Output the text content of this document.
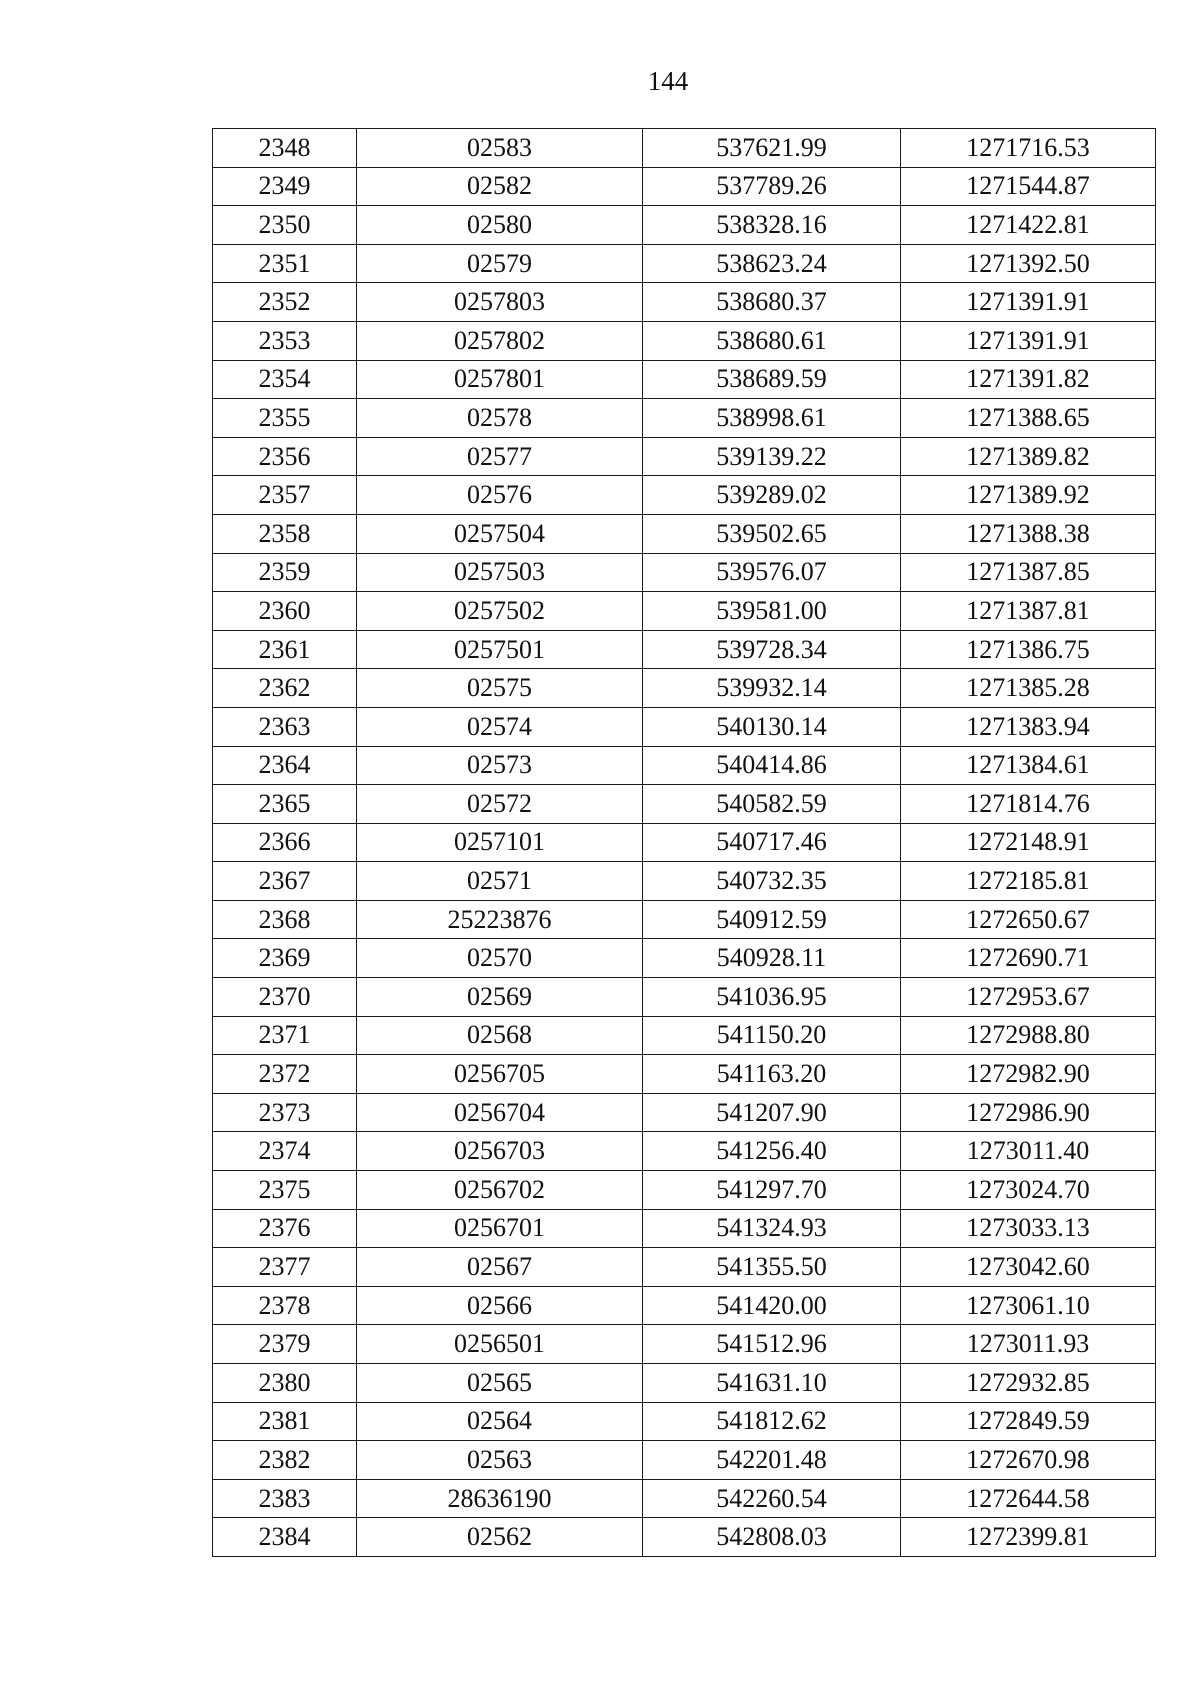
144
2348	02583	537621.99	1271716.53
2349	02582	537789.26	1271544.87
2350	02580	538328.16	1271422.81
2351	02579	538623.24	1271392.50
2352	0257803	538680.37	1271391.91
2353	0257802	538680.61	1271391.91
2354	0257801	538689.59	1271391.82
2355	02578	538998.61	1271388.65
2356	02577	539139.22	1271389.82
2357	02576	539289.02	1271389.92
2358	0257504	539502.65	1271388.38
2359	0257503	539576.07	1271387.85
2360	0257502	539581.00	1271387.81
2361	0257501	539728.34	1271386.75
2362	02575	539932.14	1271385.28
2363	02574	540130.14	1271383.94
2364	02573	540414.86	1271384.61
2365	02572	540582.59	1271814.76
2366	0257101	540717.46	1272148.91
2367	02571	540732.35	1272185.81
2368	25223876	540912.59	1272650.67
2369	02570	540928.11	1272690.71
2370	02569	541036.95	1272953.67
2371	02568	541150.20	1272988.80
2372	0256705	541163.20	1272982.90
2373	0256704	541207.90	1272986.90
2374	0256703	541256.40	1273011.40
2375	0256702	541297.70	1273024.70
2376	0256701	541324.93	1273033.13
2377	02567	541355.50	1273042.60
2378	02566	541420.00	1273061.10
2379	0256501	541512.96	1273011.93
2380	02565	541631.10	1272932.85
2381	02564	541812.62	1272849.59
2382	02563	542201.48	1272670.98
2383	28636190	542260.54	1272644.58
2384	02562	542808.03	1272399.81
